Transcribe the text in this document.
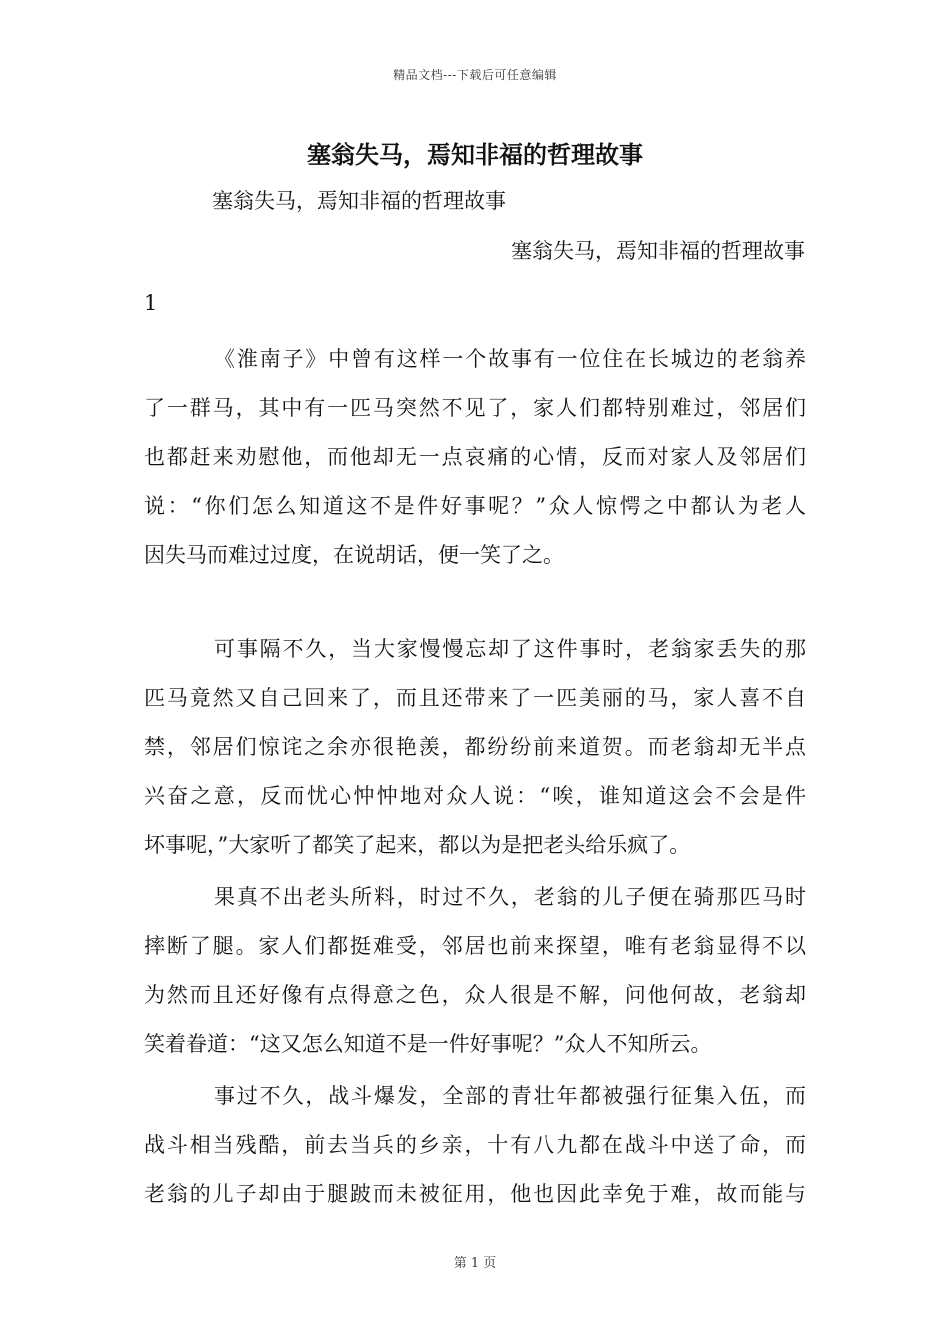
精品文档---下载后可任意编辑
塞翁失马，焉知非福的哲理故事
塞翁失马，焉知非福的哲理故事
塞翁失马，焉知非福的哲理故事
1
《淮南子》中曾有这样一个故事有一位住在长城边的老翁养
了一群马，其中有一匹马突然不见了，家人们都特别难过，邻居们
也都赶来劝慰他，而他却无一点哀痛的心情，反而对家人及邻居们
说：“你们怎么知道这不是件好事呢？”众人惊愕之中都认为老人
因失马而难过过度，在说胡话，便一笑了之。
可事隔不久，当大家慢慢忘却了这件事时，老翁家丢失的那
匹马竟然又自己回来了，而且还带来了一匹美丽的马，家人喜不自
禁，邻居们惊诧之余亦很艳羡，都纷纷前来道贺。而老翁却无半点
兴奋之意，反而忧心忡忡地对众人说：“唉，谁知道这会不会是件
坏事呢，”大家听了都笑了起来，都以为是把老头给乐疯了。
果真不出老头所料，时过不久，老翁的儿子便在骑那匹马时
摔断了腿。家人们都挺难受，邻居也前来探望，唯有老翁显得不以
为然而且还好像有点得意之色，众人很是不解，问他何故，老翁却
笑着眷道：“这又怎么知道不是一件好事呢？”众人不知所云。
事过不久，战斗爆发，全部的青壮年都被强行征集入伍，而
战斗相当残酷，前去当兵的乡亲，十有八九都在战斗中送了命，而
老翁的儿子却由于腿跛而未被征用，他也因此幸免于难，故而能与
第 1 页
